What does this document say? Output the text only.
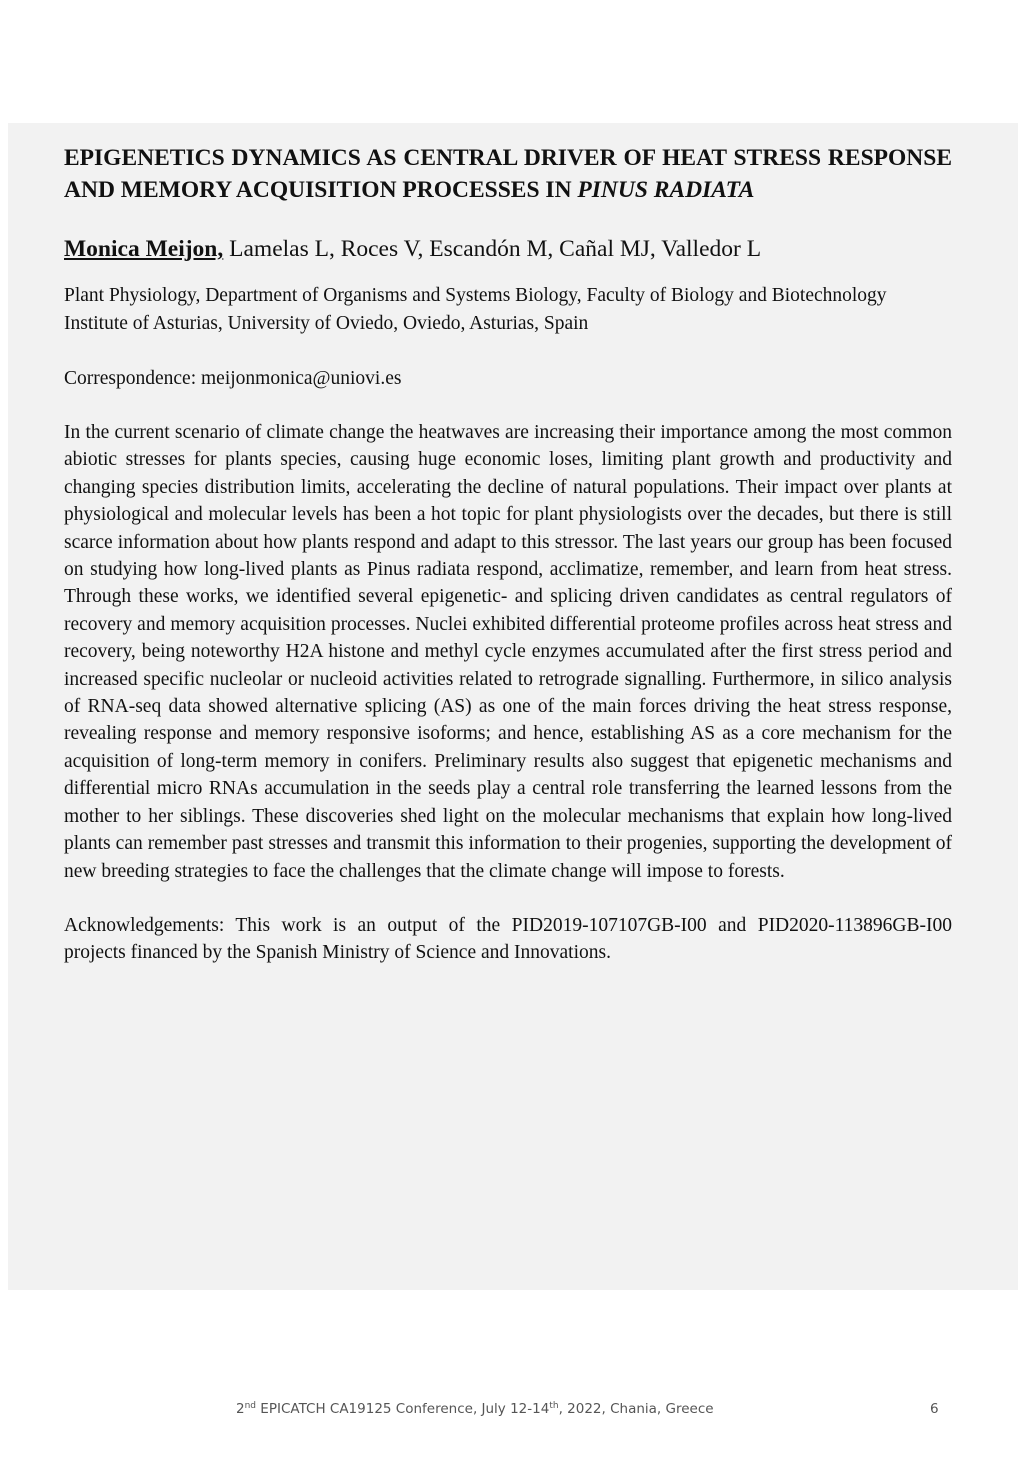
EPIGENETICS DYNAMICS AS CENTRAL DRIVER OF HEAT STRESS RESPONSE AND MEMORY ACQUISITION PROCESSES IN PINUS RADIATA
Monica Meijon, Lamelas L, Roces V, Escandón M, Cañal MJ, Valledor L
Plant Physiology, Department of Organisms and Systems Biology, Faculty of Biology and Biotechnology Institute of Asturias, University of Oviedo, Oviedo, Asturias, Spain
Correspondence: meijonmonica@uniovi.es
In the current scenario of climate change the heatwaves are increasing their importance among the most common abiotic stresses for plants species, causing huge economic loses, limiting plant growth and productivity and changing species distribution limits, accelerating the decline of natural populations. Their impact over plants at physiological and molecular levels has been a hot topic for plant physiologists over the decades, but there is still scarce information about how plants respond and adapt to this stressor. The last years our group has been focused on studying how long-lived plants as Pinus radiata respond, acclimatize, remember, and learn from heat stress. Through these works, we identified several epigenetic- and splicing driven candidates as central regulators of recovery and memory acquisition processes. Nuclei exhibited differential proteome profiles across heat stress and recovery, being noteworthy H2A histone and methyl cycle enzymes accumulated after the first stress period and increased specific nucleolar or nucleoid activities related to retrograde signalling. Furthermore, in silico analysis of RNA-seq data showed alternative splicing (AS) as one of the main forces driving the heat stress response, revealing response and memory responsive isoforms; and hence, establishing AS as a core mechanism for the acquisition of long-term memory in conifers. Preliminary results also suggest that epigenetic mechanisms and differential micro RNAs accumulation in the seeds play a central role transferring the learned lessons from the mother to her siblings. These discoveries shed light on the molecular mechanisms that explain how long-lived plants can remember past stresses and transmit this information to their progenies, supporting the development of new breeding strategies to face the challenges that the climate change will impose to forests.
Acknowledgements: This work is an output of the PID2019-107107GB-I00 and PID2020-113896GB-I00 projects financed by the Spanish Ministry of Science and Innovations.
2nd EPICATCH CA19125 Conference, July 12-14th, 2022, Chania, Greece	6
